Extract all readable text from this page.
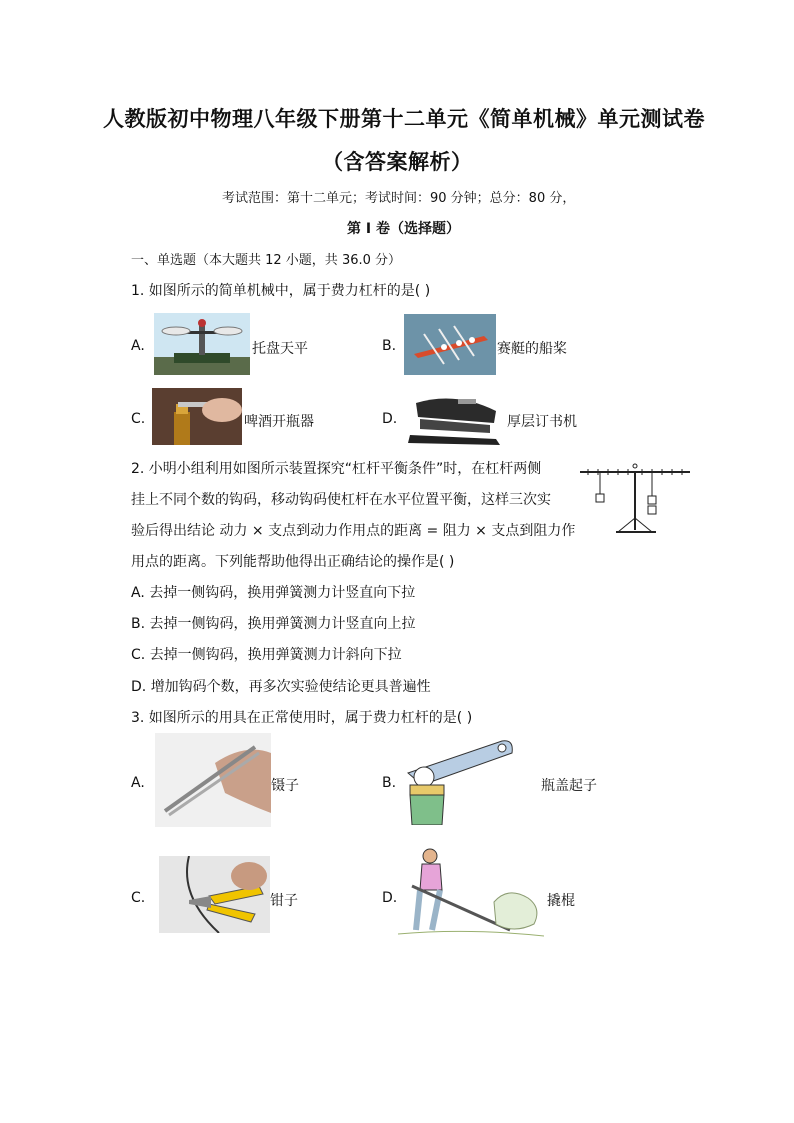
人教版初中物理八年级下册第十二单元《简单机械》单元测试卷
（含答案解析）
考试范围：第十二单元；考试时间：90 分钟；总分：80 分，
第 I 卷（选择题）
一、单选题（本大题共 12 小题，共 36.0 分）
1. 如图所示的简单机械中，属于费力杠杆的是( )
A.	托盘天平	B.	赛艇的船桨
C.	啤酒开瓶器	D.	厚层订书机
2. 小明小组利用如图所示装置探究“杠杆平衡条件”时，在杠杆两侧
挂上不同个数的钩码，移动钩码使杠杆在水平位置平衡，这样三次实
验后得出结论 动力 × 支点到动力作用点的距离 = 阻力 × 支点到阻力作
用点的距离。下列能帮助他得出正确结论的操作是( )
A. 去掉一侧钩码，换用弹簧测力计竖直向下拉
B. 去掉一侧钩码，换用弹簧测力计竖直向上拉
C. 去掉一侧钩码，换用弹簧测力计斜向下拉
D. 增加钩码个数，再多次实验使结论更具普遍性
3. 如图所示的用具在正常使用时，属于费力杠杆的是( )
A.	镊子	B.	瓶盖起子
C.	钳子	D.	撬棍
